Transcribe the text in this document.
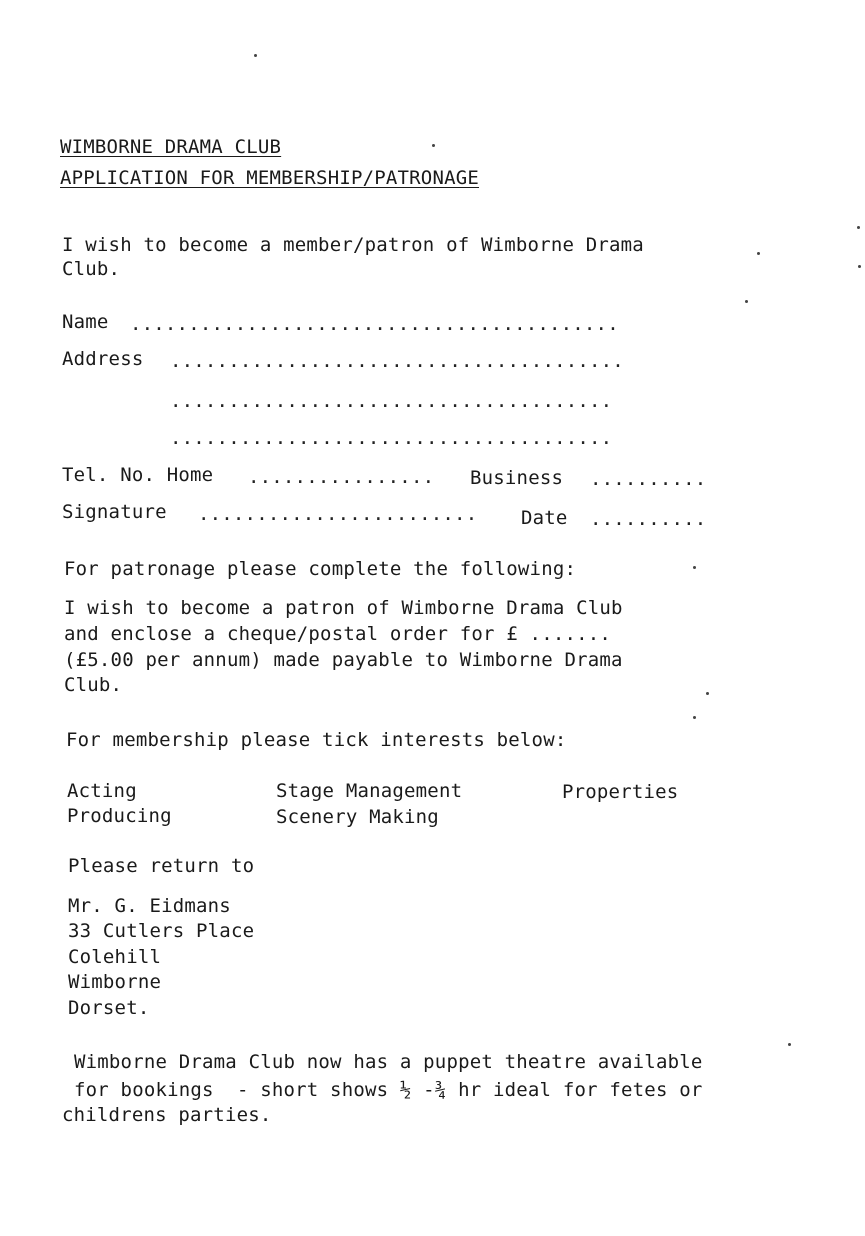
WIMBORNE DRAMA CLUB
APPLICATION FOR MEMBERSHIP/PATRONAGE
I wish to become a member/patron of Wimborne Drama
Club.
Name ..........................................
Address .......................................
......................................
......................................
Tel. No. Home ................ Business ..........
Signature ........................ Date ..........
For patronage please complete the following:
I wish to become a patron of Wimborne Drama Club
and enclose a cheque/postal order for £ .......
(£5.00 per annum) made payable to Wimborne Drama
Club.
For membership please tick interests below:
Acting	Stage Management	Properties
Producing	Scenery Making
Please return to
Mr. G. Eidmans
33 Cutlers Place
Colehill
Wimborne
Dorset.
Wimborne Drama Club now has a puppet theatre available
for bookings  - short shows ½ -¾ hr ideal for fetes or
childrens parties.
